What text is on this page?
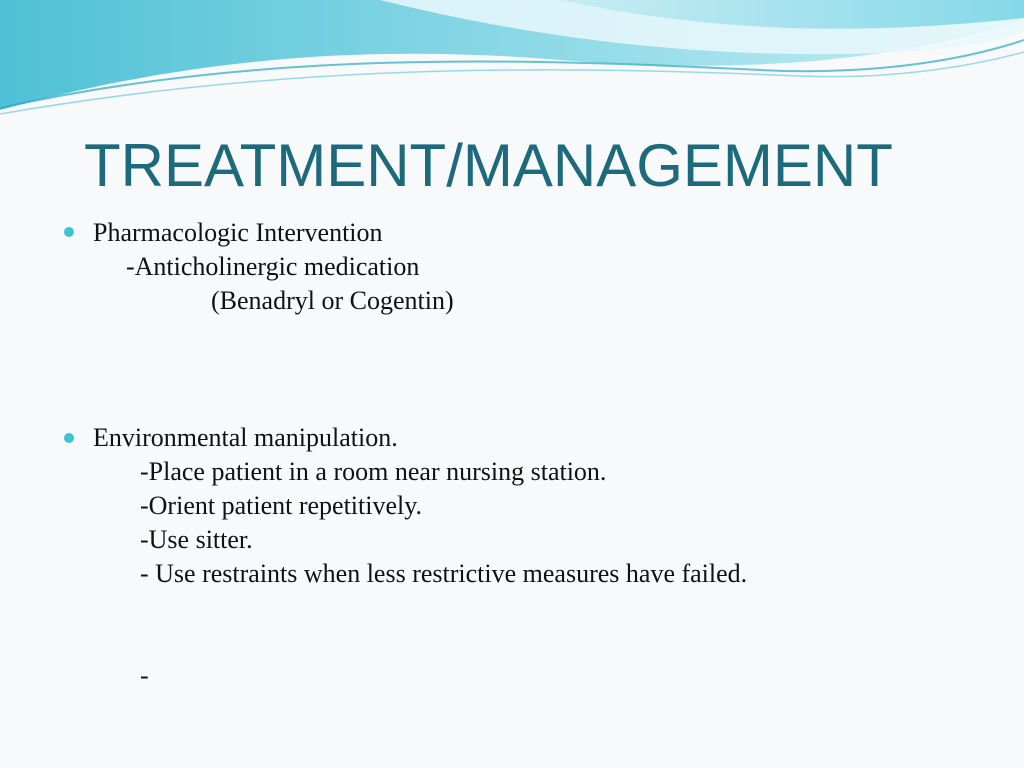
TREATMENT/MANAGEMENT
Pharmacologic Intervention
-Anticholinergic medication
(Benadryl or Cogentin)
Environmental manipulation.
-Place patient in a room near nursing station.
-Orient patient repetitively.
-Use sitter.
- Use restraints when less restrictive measures have failed.
-
